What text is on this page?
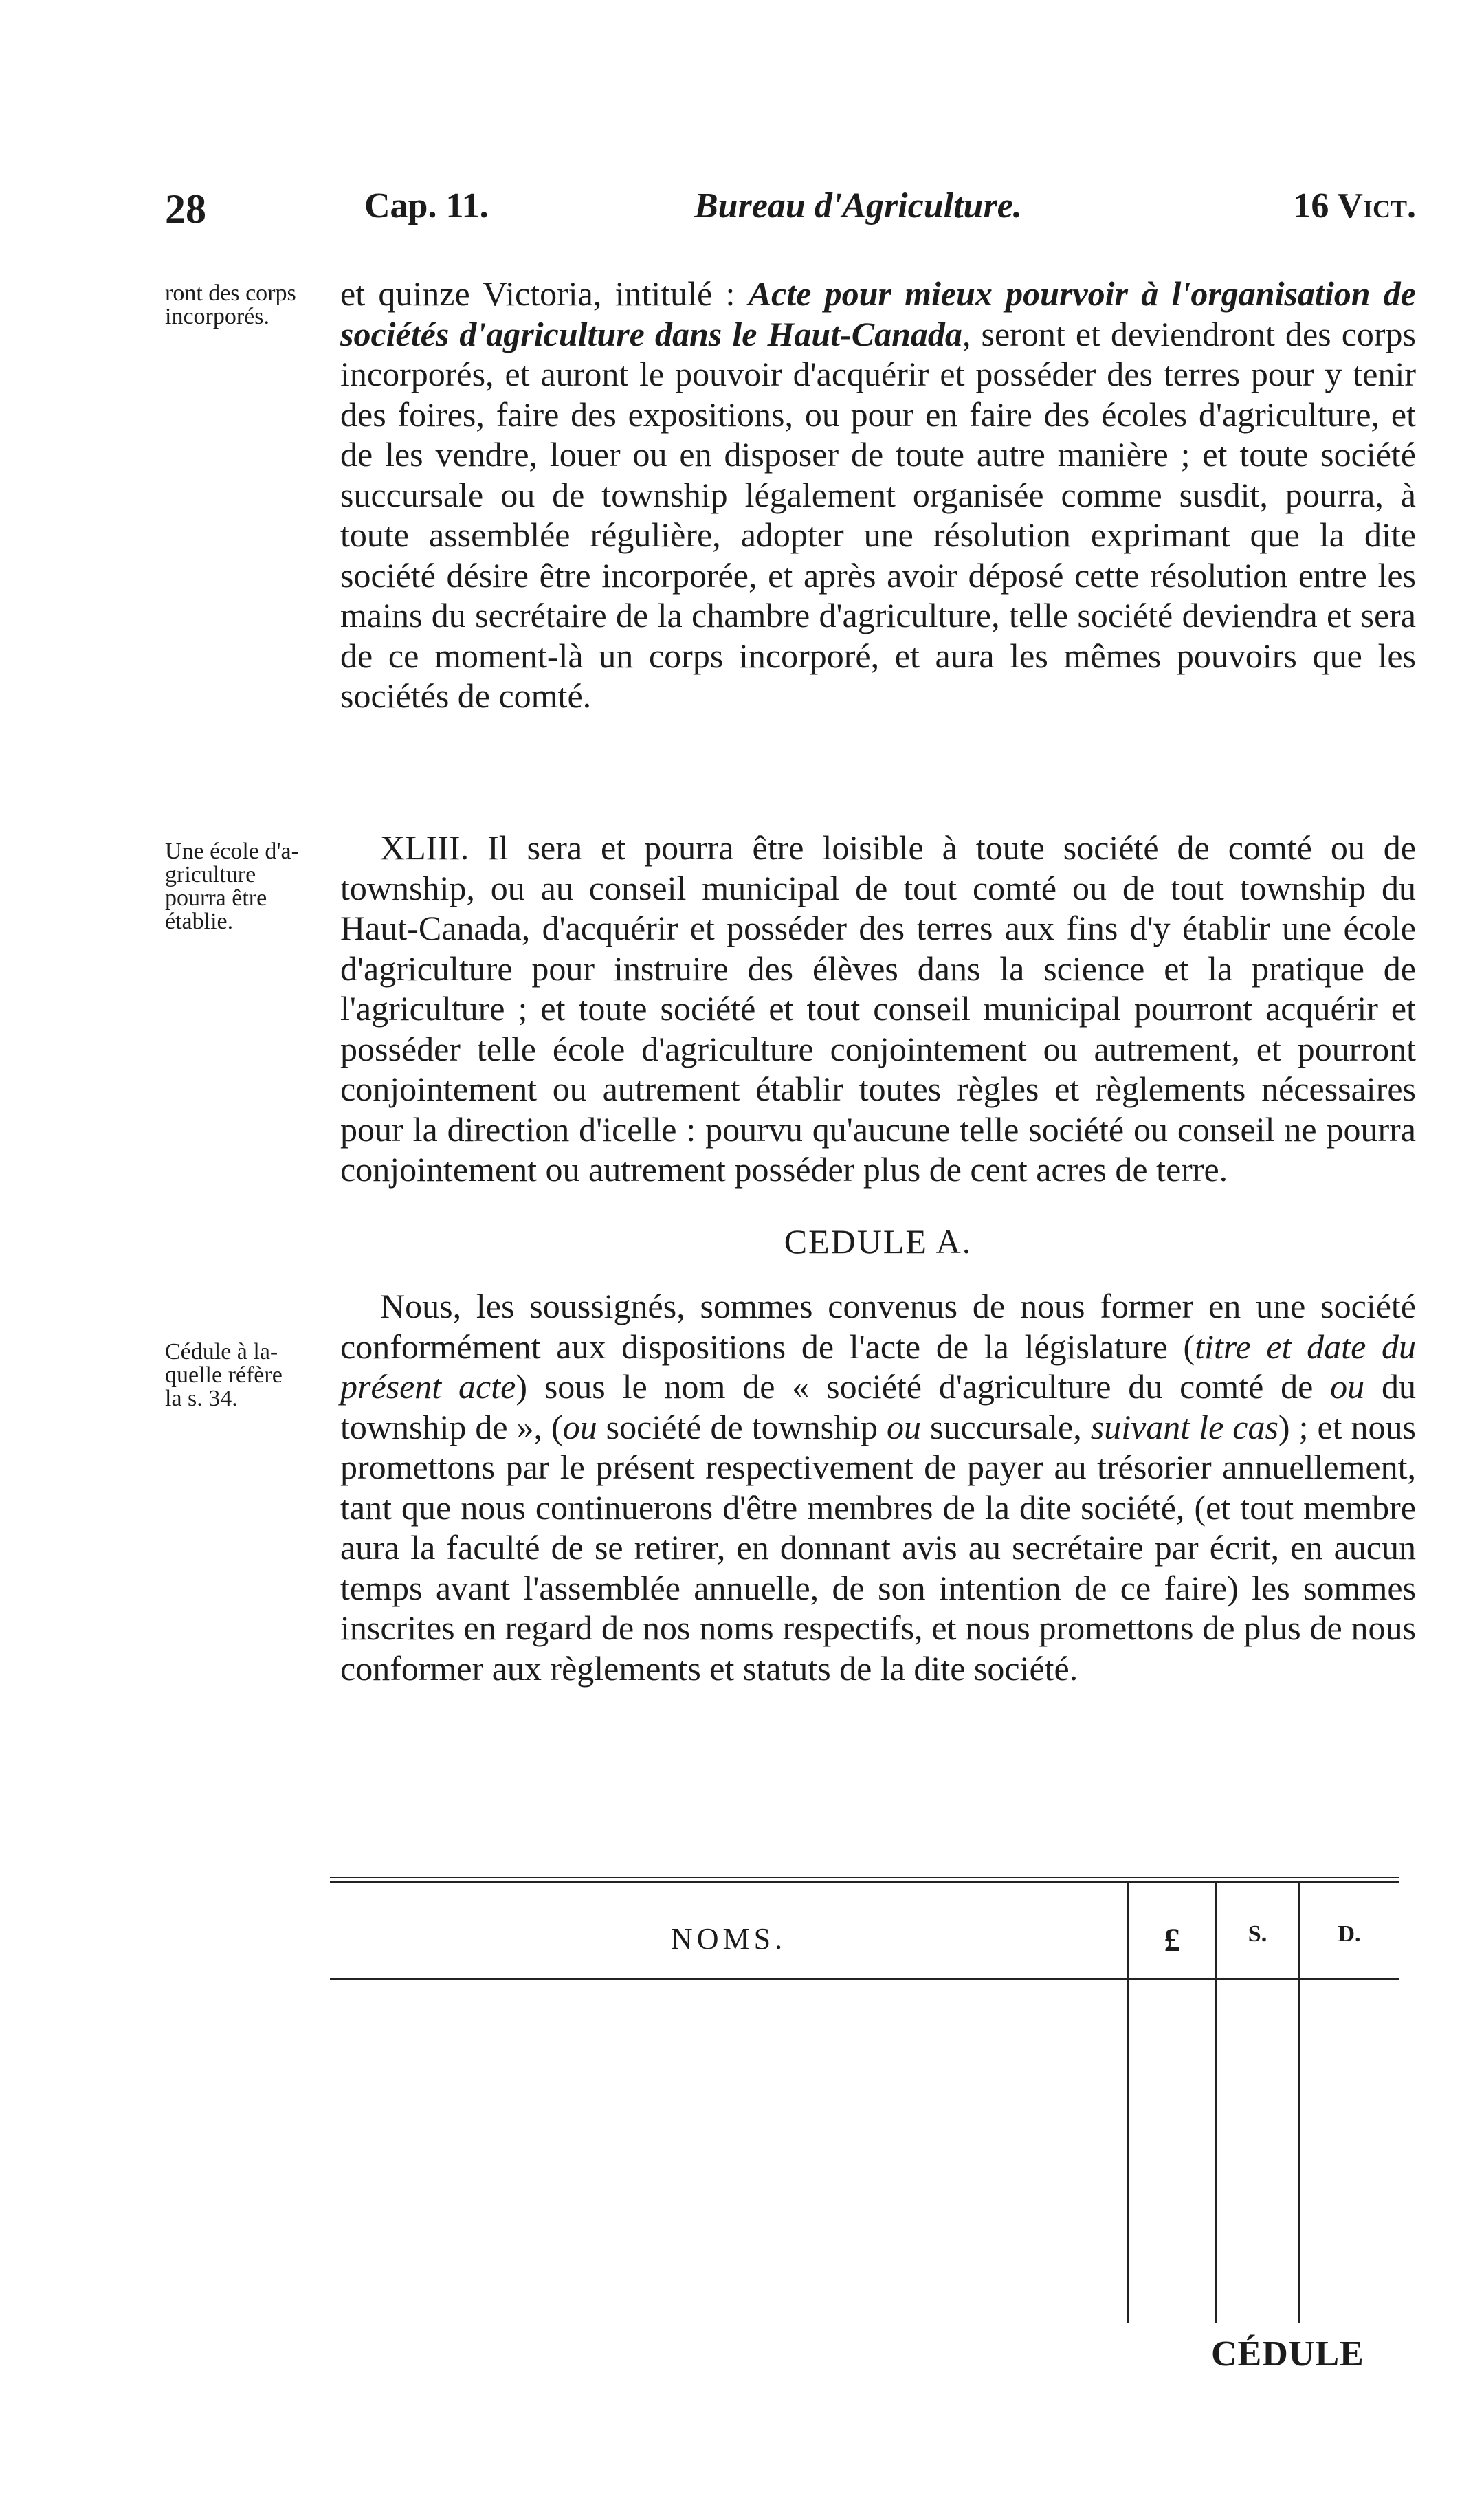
28	Cap. 11.	Bureau d'Agriculture.	16 Vict.
ront des corps
incorporés.
Une école d'a-
griculture
pourra être
établie.
Cédule à la-
quelle réfère
la s. 34.

et quinze Victoria, intitulé : Acte pour mieux pourvoir à l'organisation de sociétés d'agriculture dans le Haut-Canada, seront et deviendront des corps incorporés, et auront le pouvoir d'acquérir et posséder des terres pour y tenir des foires, faire des expositions, ou pour en faire des écoles d'agriculture, et de les vendre, louer ou en disposer de toute autre manière ; et toute société succursale ou de township légalement organisée comme susdit, pourra, à toute assemblée régulière, adopter une résolution exprimant que la dite société désire être incorporée, et après avoir déposé cette résolution entre les mains du secrétaire de la chambre d'agriculture, telle société deviendra et sera de ce moment-là un corps incorporé, et aura les mêmes pouvoirs que les sociétés de comté.

XLIII. Il sera et pourra être loisible à toute société de comté ou de township, ou au conseil municipal de tout comté ou de tout township du Haut-Canada, d'acquérir et posséder des terres aux fins d'y établir une école d'agriculture pour instruire des élèves dans la science et la pratique de l'agriculture ; et toute société et tout conseil municipal pourront acquérir et posséder telle école d'agriculture conjointement ou autrement, et pourront conjointement ou autrement établir toutes règles et règlements nécessaires pour la direction d'icelle : pourvu qu'aucune telle société ou conseil ne pourra conjointement ou autrement posséder plus de cent acres de terre.

CEDULE A.

Nous, les soussignés, sommes convenus de nous former en une société conformément aux dispositions de l'acte de la législature (titre et date du présent acte) sous le nom de « société d'agriculture du comté de ou du township de », (ou société de township ou succursale, suivant le cas) ; et nous promettons par le présent respectivement de payer au trésorier annuellement, tant que nous continuerons d'être membres de la dite société, (et tout membre aura la faculté de se retirer, en donnant avis au secrétaire par écrit, en aucun temps avant l'assemblée annuelle, de son intention de ce faire) les sommes inscrites en regard de nos noms respectifs, et nous promettons de plus de nous conformer aux règlements et statuts de la dite société.

NOMS.	£	S.	D.
CÉDULE
